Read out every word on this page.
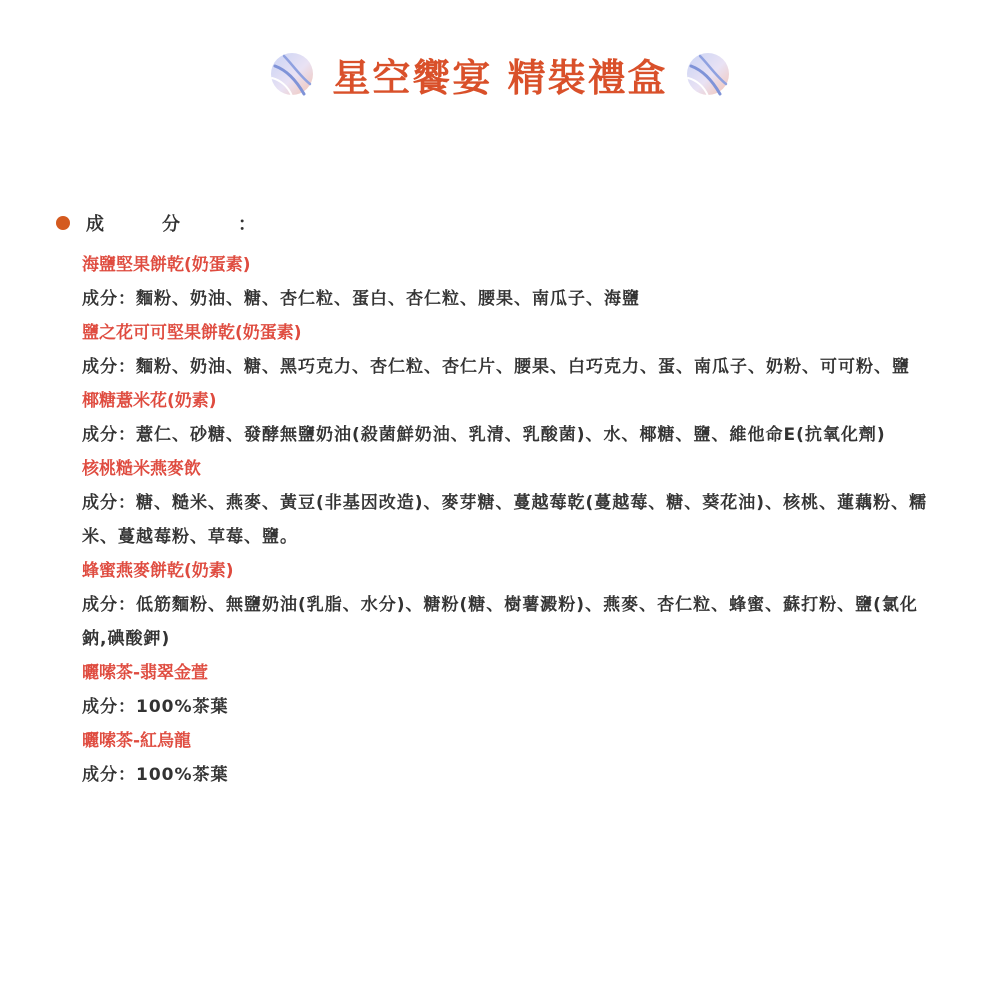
星空饗宴 精裝禮盒
成　分　：
海鹽堅果餅乾(奶蛋素)
成分：麵粉、奶油、糖、杏仁粒、蛋白、杏仁粒、腰果、南瓜子、海鹽
鹽之花可可堅果餅乾(奶蛋素)
成分：麵粉、奶油、糖、黑巧克力、杏仁粒、杏仁片、腰果、白巧克力、蛋、南瓜子、奶粉、可可粉、鹽
椰糖薏米花(奶素)
成分：薏仁、砂糖、發酵無鹽奶油(殺菌鮮奶油、乳清、乳酸菌)、水、椰糖、鹽、維他命E(抗氧化劑)
核桃糙米燕麥飲
成分：糖、糙米、燕麥、黃豆(非基因改造)、麥芽糖、蔓越莓乾(蔓越莓、糖、葵花油)、核桃、蓮藕粉、糯米、蔓越莓粉、草莓、鹽。
蜂蜜燕麥餅乾(奶素)
成分：低筋麵粉、無鹽奶油(乳脂、水分)、糖粉(糖、樹薯澱粉)、燕麥、杏仁粒、蜂蜜、蘇打粉、鹽(氯化鈉,碘酸鉀)
曬嗦茶-翡翠金萱
成分：100%茶葉
曬嗦茶-紅烏龍
成分：100%茶葉
